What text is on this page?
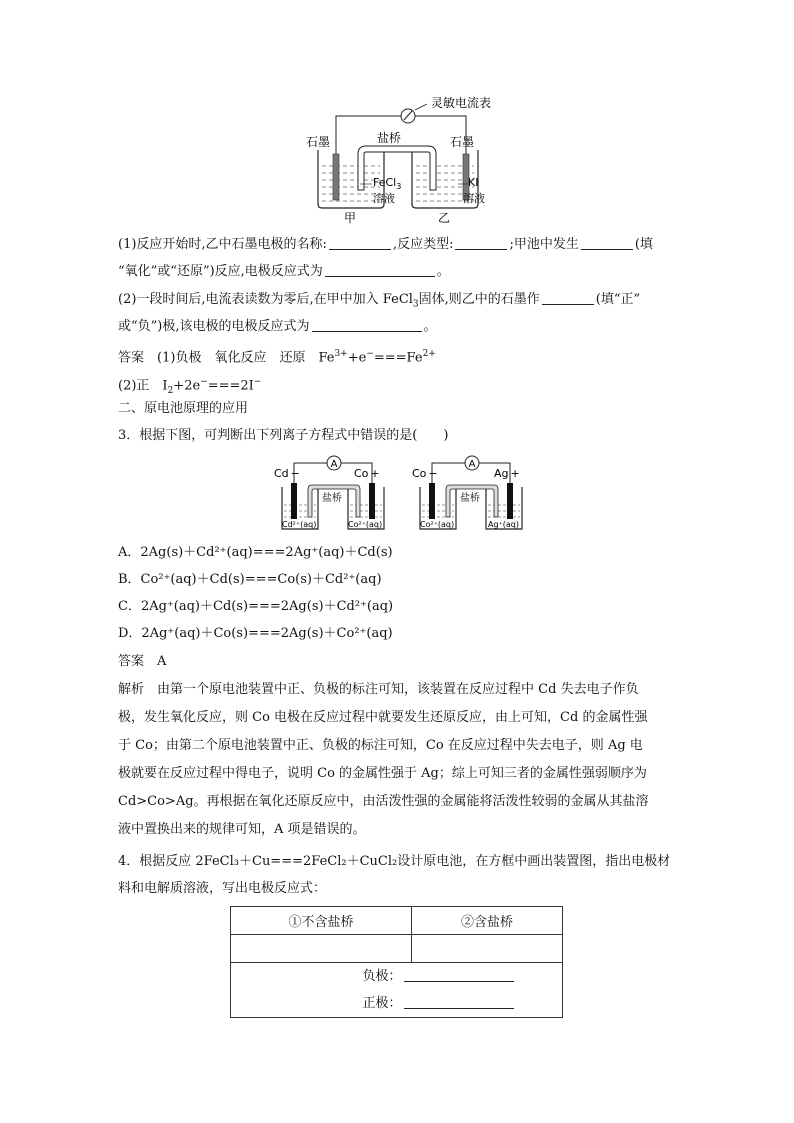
灵敏电流表
石墨	盐桥	石墨
FeCl$_3$
溶液
KI
溶液
甲	乙
(1)反应开始时,乙中石墨电极的名称:	,反应类型:	;甲池中发生	(填
“氧化”或“还原”)反应,电极反应式为	。
(2)一段时间后,电流表读数为零后,在甲中加入 FeCl$_3$固体,则乙中的石墨作	(填“正”
或“负”)极,该电极的电极反应式为	。
答案　 (1)负极　氧化反应　还原　$Fe^{3+}+e^-===Fe^{2+}$
(2)正　$I_2+2e^-===2I^-$
二、原电池原理的应用
3．根据下图，可判断出下列离子方程式中错误的是(　　)
A
Cd −	Co +
盐桥
Cd²⁺(aq)	Co²⁺(aq)
A
Co −	Ag +
盐桥
Co²⁺(aq)	Ag⁺(aq)
A．2Ag(s)＋Cd²⁺(aq)===2Ag⁺(aq)＋Cd(s)
B．Co²⁺(aq)＋Cd(s)===Co(s)＋Cd²⁺(aq)
C．2Ag⁺(aq)＋Cd(s)===2Ag(s)＋Cd²⁺(aq)
D．2Ag⁺(aq)＋Co(s)===2Ag(s)＋Co²⁺(aq)
答案　 A
解析　 由第一个原电池装置中正、负极的标注可知，该装置在反应过程中 Cd 失去电子作负
极，发生氧化反应，则 Co 电极在反应过程中就要发生还原反应，由上可知，Cd 的金属性强
于 Co；由第二个原电池装置中正、负极的标注可知，Co 在反应过程中失去电子，则 Ag 电
极就要在反应过程中得电子，说明 Co 的金属性强于 Ag；综上可知三者的金属性强弱顺序为
Cd>Co>Ag。再根据在氧化还原反应中，由活泼性强的金属能将活泼性较弱的金属从其盐溶
液中置换出来的规律可知，A 项是错误的。
4．根据反应 2FeCl₃＋Cu===2FeCl₂＋CuCl₂设计原电池，在方框中画出装置图，指出电极材
料和电解质溶液，写出电极反应式：
①不含盐桥	②含盐桥

负极：
正极：	
